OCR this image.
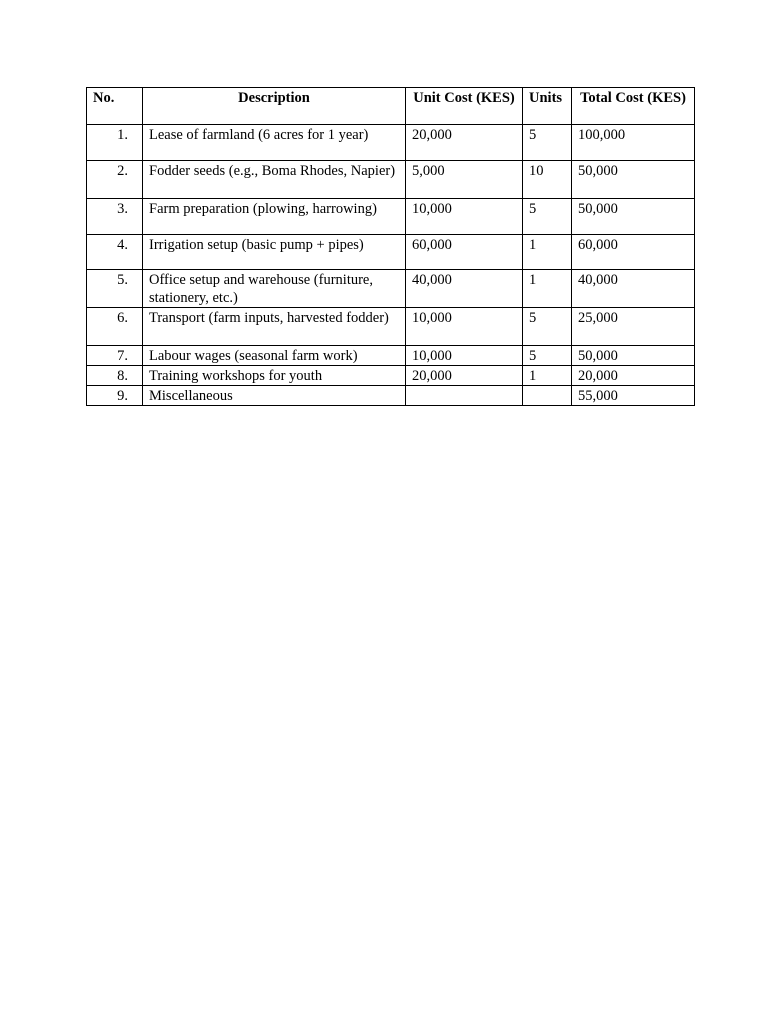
No.	Description	Unit Cost (KES)	Units	Total Cost (KES)
1.	Lease of farmland (6 acres for 1 year)	20,000	5	100,000
2.	Fodder seeds (e.g., Boma Rhodes, Napier)	5,000	10	50,000
3.	Farm preparation (plowing, harrowing)	10,000	5	50,000
4.	Irrigation setup (basic pump + pipes)	60,000	1	60,000
5.	Office setup and warehouse (furniture, stationery, etc.)	40,000	1	40,000
6.	Transport (farm inputs, harvested fodder)	10,000	5	25,000
7.	Labour wages (seasonal farm work)	10,000	5	50,000
8.	Training workshops for youth	20,000	1	20,000
9.	Miscellaneous			55,000
